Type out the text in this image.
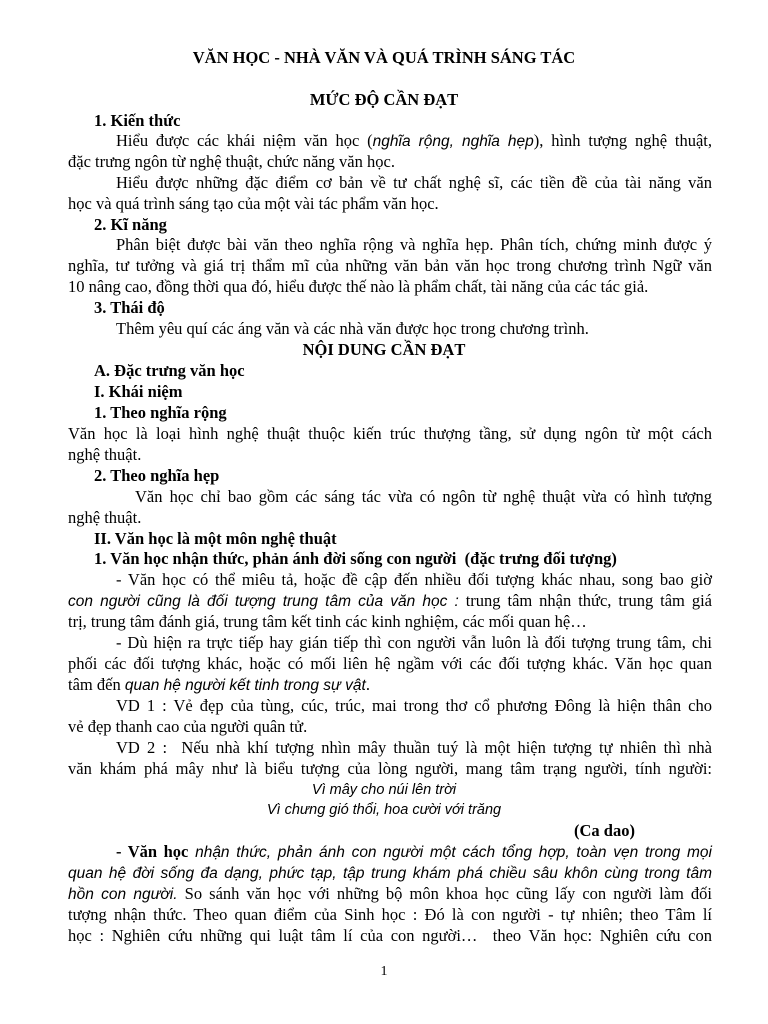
VĂN HỌC - NHÀ VĂN VÀ QUÁ TRÌNH SÁNG TÁC
MỨC ĐỘ CẦN ĐẠT
1. Kiến thức
Hiểu được các khái niệm văn học (nghĩa rộng, nghĩa hẹp), hình tượng nghệ thuật,
đặc trưng ngôn từ nghệ thuật, chức năng văn học.
Hiểu được những đặc điểm cơ bản về tư chất nghệ sĩ, các tiền đề của tài năng văn
học và quá trình sáng tạo của một vài tác phẩm văn học.
2. Kĩ năng
Phân biệt được bài văn theo nghĩa rộng và nghĩa hẹp. Phân tích, chứng minh được ý
nghĩa, tư tưởng và giá trị thẩm mĩ của những văn bản văn học trong chương trình Ngữ văn
10 nâng cao, đồng thời qua đó, hiểu được thế nào là phẩm chất, tài năng của các tác giả.
3. Thái độ
Thêm yêu quí các áng văn và các nhà văn được học trong chương trình.
NỘI DUNG CẦN ĐẠT
A. Đặc trưng văn học
I. Khái niệm
1. Theo nghĩa rộng
Văn học là loại hình nghệ thuật thuộc kiến trúc thượng tầng, sử dụng ngôn từ một cách
nghệ thuật.
2. Theo nghĩa hẹp
Văn học chỉ bao gồm các sáng tác vừa có ngôn từ nghệ thuật vừa có hình tượng
nghệ thuật.
II. Văn học là một môn nghệ thuật
1. Văn học nhận thức, phản ánh đời sống con người  (đặc trưng đối tượng)
- Văn học có thể miêu tả, hoặc đề cập đến nhiều đối tượng khác nhau, song bao giờ
con người cũng là đối tượng trung tâm của văn học : trung tâm nhận thức, trung tâm giá
trị, trung tâm đánh giá, trung tâm kết tinh các kinh nghiệm, các mối quan hệ…
- Dù hiện ra trực tiếp hay gián tiếp thì con người vẫn luôn là đối tượng trung tâm, chi
phối các đối tượng khác, hoặc có mối liên hệ ngầm với các đối tượng khác. Văn học quan
tâm đến quan hệ người kết tinh trong sự vật.
VD 1 : Vẻ đẹp của tùng, cúc, trúc, mai trong thơ cổ phương Đông là hiện thân cho
vẻ đẹp thanh cao của người quân tử.
VD 2 :  Nếu nhà khí tượng nhìn mây thuần tuý là một hiện tượng tự nhiên thì nhà
văn khám phá mây như là biểu tượng của lòng người, mang tâm trạng người, tính người:
Vì mây cho núi lên trời
Vì chưng gió thổi, hoa cười với trăng
(Ca dao)
- Văn học nhận thức, phản ánh con người một cách tổng hợp, toàn vẹn trong mọi
quan hệ đời sống đa dạng, phức tạp, tập trung khám phá chiều sâu khôn cùng trong tâm
hồn con người. So sánh văn học với những bộ môn khoa học cũng lấy con người làm đối
tượng nhận thức. Theo quan điểm của Sinh học : Đó là con người - tự nhiên; theo Tâm lí
học : Nghiên cứu những qui luật tâm lí của con người…  theo Văn học: Nghiên cứu con
1
